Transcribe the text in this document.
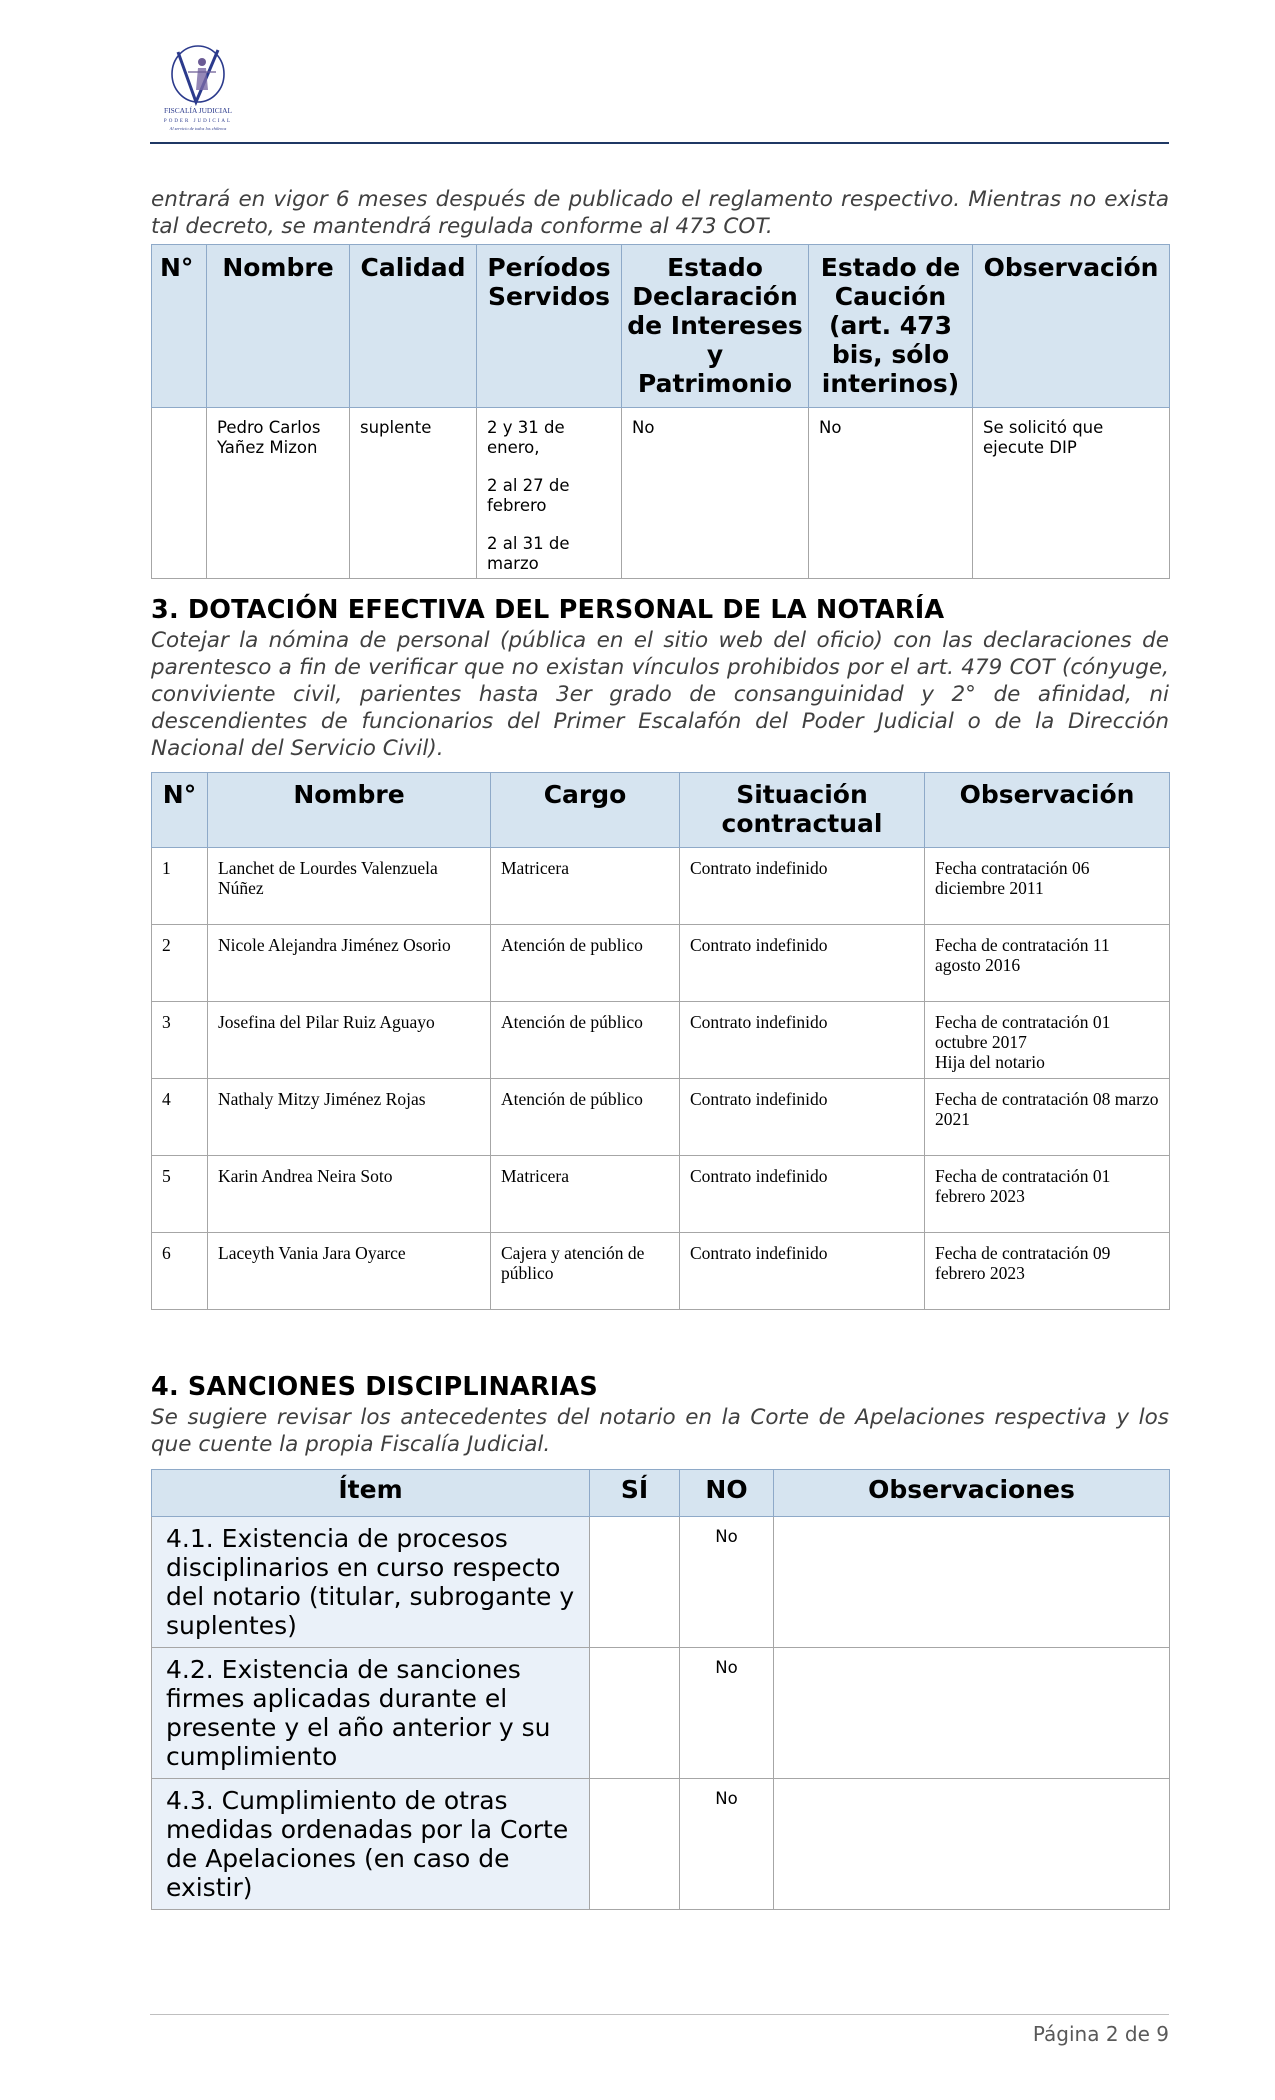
FISCALÍA JUDICIAL
PODER JUDICIAL
Al servicio de todos los chilenos

entrará en vigor 6 meses después de publicado el reglamento respectivo. Mientras no exista tal decreto, se mantendrá regulada conforme al 473 COT.

N°	Nombre	Calidad	Períodos Servidos	Estado Declaración de Intereses y Patrimonio	Estado de Caución (art. 473 bis, sólo interinos)	Observación
	Pedro Carlos Yañez Mizon	suplente	2 y 31 de enero,

2 al 27 de febrero

2 al 31 de marzo	No	No	Se solicitó que ejecute DIP
3. DOTACIÓN EFECTIVA DEL PERSONAL DE LA NOTARÍA

Cotejar la nómina de personal (pública en el sitio web del oficio) con las declaraciones de parentesco a fin de verificar que no existan vínculos prohibidos por el art. 479 COT (cónyuge, conviviente civil, parientes hasta 3er grado de consanguinidad y 2° de afinidad, ni descendientes de funcionarios del Primer Escalafón del Poder Judicial o de la Dirección Nacional del Servicio Civil).

N°	Nombre	Cargo	Situación contractual	Observación
1	Lanchet de Lourdes Valenzuela Núñez	Matricera	Contrato indefinido	Fecha contratación 06 diciembre 2011
2	Nicole Alejandra Jiménez Osorio	Atención de publico	Contrato indefinido	Fecha de contratación 11 agosto 2016
3	Josefina del Pilar Ruiz Aguayo	Atención de público	Contrato indefinido	Fecha de contratación 01 octubre 2017
Hija del notario

4	Nathaly Mitzy Jiménez Rojas	Atención de público	Contrato indefinido	Fecha de contratación 08 marzo 2021
5	Karin Andrea Neira Soto	Matricera	Contrato indefinido	Fecha de contratación 01 febrero 2023
6	Laceyth Vania Jara Oyarce	Cajera y atención de público	Contrato indefinido	Fecha de contratación 09 febrero 2023
4. SANCIONES DISCIPLINARIAS

Se sugiere revisar los antecedentes del notario en la Corte de Apelaciones respectiva y los que cuente la propia Fiscalía Judicial.

Ítem	SÍ	NO	Observaciones
4.1. Existencia de procesos disciplinarios en curso respecto del notario (titular, subrogante y suplentes)		No	
4.2. Existencia de sanciones firmes aplicadas durante el presente y el año anterior y su cumplimiento		No	
4.3. Cumplimiento de otras medidas ordenadas por la Corte de Apelaciones (en caso de existir)		No	
Página 2 de 9
